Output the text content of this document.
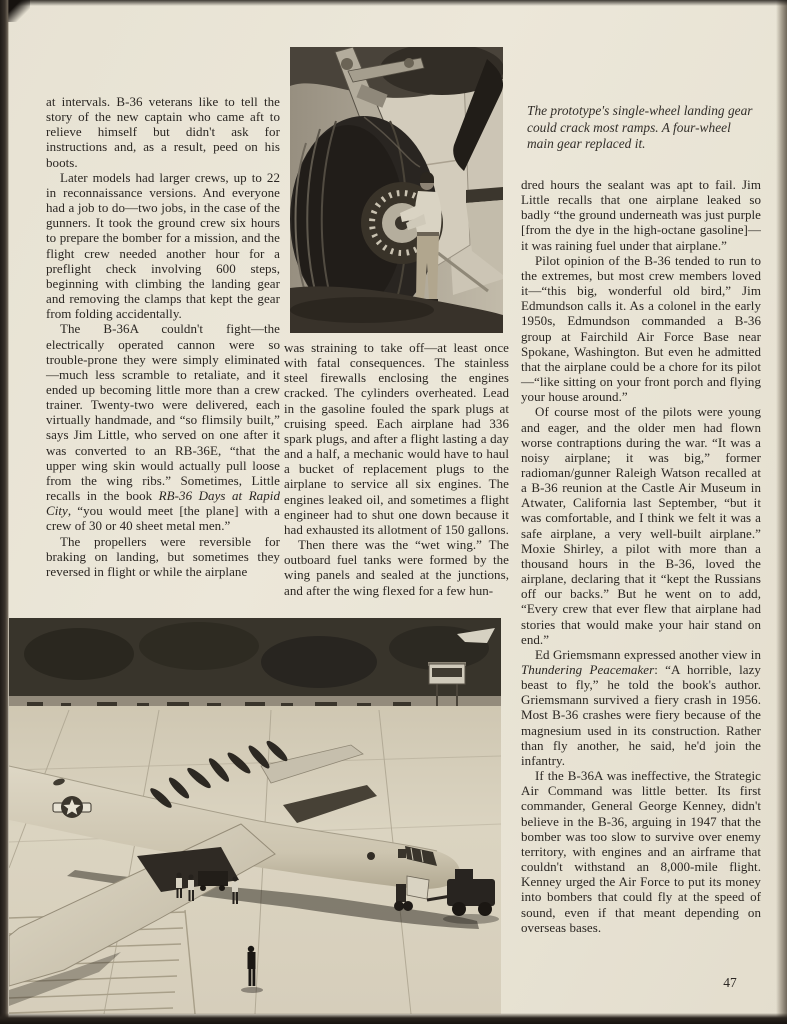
The prototype's single-wheel landing gear could crack most ramps. A four-wheel main gear replaced it.

at intervals. B-36 veterans like to tell the story of the new captain who came aft to relieve himself but didn't ask for instructions and, as a result, peed on his boots.

Later models had larger crews, up to 22 in reconnaissance versions. And everyone had a job to do—two jobs, in the case of the gunners. It took the ground crew six hours to prepare the bomber for a mission, and the flight crew needed another hour for a preflight check involving 600 steps, beginning with climbing the landing gear and removing the clamps that kept the gear from folding accidentally.

The B-36A couldn't fight—the electrically operated cannon were so trouble-prone they were simply eliminated—much less scramble to retaliate, and it ended up becoming little more than a crew trainer. Twenty-two were delivered, each virtually handmade, and “so flimsily built,” says Jim Little, who served on one after it was converted to an RB-36E, “that the upper wing skin would actually pull loose from the wing ribs.” Sometimes, Little recalls in the book RB-36 Days at Rapid City, “you would meet [the plane] with a crew of 30 or 40 sheet metal men.”

The propellers were reversible for braking on landing, but sometimes they reversed in flight or while the airplane

was straining to take off—at least once with fatal consequences. The stainless steel firewalls enclosing the engines cracked. The cylinders overheated. Lead in the gasoline fouled the spark plugs at cruising speed. Each airplane had 336 spark plugs, and after a flight lasting a day and a half, a mechanic would have to haul a bucket of replacement plugs to the airplane to service all six engines. The engines leaked oil, and sometimes a flight engineer had to shut one down because it had exhausted its allotment of 150 gallons.

Then there was the “wet wing.” The outboard fuel tanks were formed by the wing panels and sealed at the junctions, and after the wing flexed for a few hun-

dred hours the sealant was apt to fail. Jim Little recalls that one airplane leaked so badly “the ground underneath was just purple [from the dye in the high-octane gasoline]—it was raining fuel under that airplane.”

Pilot opinion of the B-36 tended to run to the extremes, but most crew members loved it—“this big, wonderful old bird,” Jim Edmundson calls it. As a colonel in the early 1950s, Edmundson commanded a B-36 group at Fairchild Air Force Base near Spokane, Washington. But even he admitted that the airplane could be a chore for its pilot—“like sitting on your front porch and flying your house around.”

Of course most of the pilots were young and eager, and the older men had flown worse contraptions during the war. “It was a noisy airplane; it was big,” former radioman/gunner Raleigh Watson recalled at a B-36 reunion at the Castle Air Museum in Atwater, California last September, “but it was comfortable, and I think we felt it was a safe airplane, a very well-built airplane.” Moxie Shirley, a pilot with more than a thousand hours in the B-36, loved the airplane, declaring that it “kept the Russians off our backs.” But he went on to add, “Every crew that ever flew that airplane had stories that would make your hair stand on end.”

Ed Griemsmann expressed another view in Thundering Peacemaker: “A horrible, lazy beast to fly,” he told the book's author. Griemsmann survived a fiery crash in 1956. Most B-36 crashes were fiery because of the magnesium used in its construction. Rather than fly another, he said, he'd join the infantry.

If the B-36A was ineffective, the Strategic Air Command was little better. Its first commander, General George Kenney, didn't believe in the B-36, arguing in 1947 that the bomber was too slow to survive over enemy territory, with engines and an airframe that couldn't withstand an 8,000-mile flight. Kenney urged the Air Force to put its money into bombers that could fly at the speed of sound, even if that meant depending on overseas bases.

47
